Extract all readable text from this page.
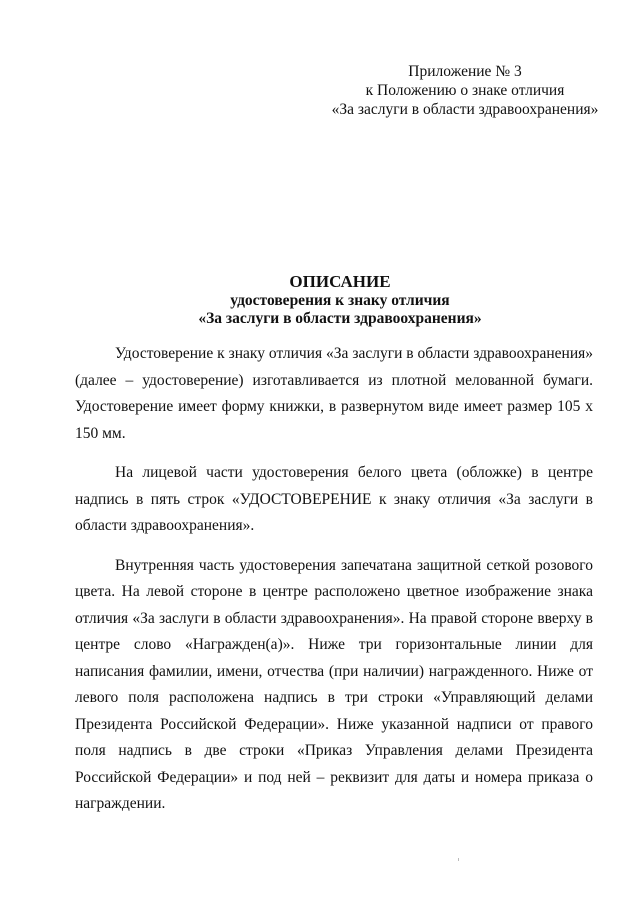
Приложение № 3
к Положению о знаке отличия
«За заслуги в области здравоохранения»
ОПИСАНИЕ
удостоверения к знаку отличия
«За заслуги в области здравоохранения»

Удостоверение к знаку отличия «За заслуги в области здравоохранения» (далее – удостоверение) изготавливается из плотной мелованной бумаги. Удостоверение имеет форму книжки, в развернутом виде имеет размер 105 х 150 мм.

На лицевой части удостоверения белого цвета (обложке) в центре надпись в пять строк «УДОСТОВЕРЕНИЕ к знаку отличия «За заслуги в области здравоохранения».

Внутренняя часть удостоверения запечатана защитной сеткой розового цвета. На левой стороне в центре расположено цветное изображение знака отличия «За заслуги в области здравоохранения». На правой стороне вверху в центре слово «Награжден(а)». Ниже три горизонтальные линии для написания фамилии, имени, отчества (при наличии) награжденного. Ниже от левого поля расположена надпись в три строки «Управляющий делами Президента Российской Федерации». Ниже указанной надписи от правого поля надпись в две строки «Приказ Управления делами Президента Российской Федерации» и под ней – реквизит для даты и номера приказа о награждении.
